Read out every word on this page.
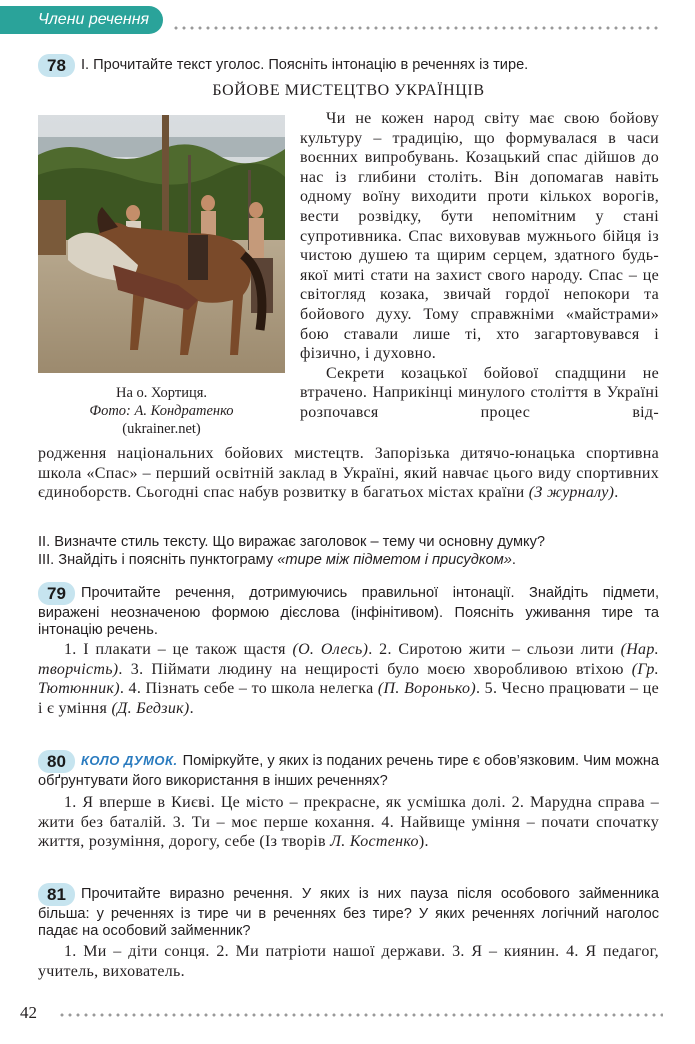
Члени речення
78 І. Прочитайте текст уголос. Поясніть інтонацію в реченнях із тире.
БОЙОВЕ МИСТЕЦТВО УКРАЇНЦІВ
На о. Хортиця.
Фото: А. Кондратенко
(ukrainer.net)

Чи не кожен народ світу має свою бойову культуру – традицію, що формувалася в часи воєнних випробувань. Козацький спас дійшов до нас із глибини століть. Він допомагав навіть одному воїну виходити проти кількох ворогів, вести розвідку, бути непомітним у стані супротивника. Спас виховував мужнього бійця із чистою душею та щирим серцем, здатного будь-якої миті стати на захист свого народу. Спас – це світогляд козака, звичай гордої непокори та бойового духу. Тому справжніми «майстрами» бою ставали лише ті, хто загартовувався і фізично, і духовно.

Секрети козацької бойової спадщини не втрачено. Наприкінці минулого століття в Україні розпочався процес від-

родження національних бойових мистецтв. Запорізька дитячо-юнацька спортивна школа «Спас» – перший освітній заклад в Україні, який навчає цього виду спортивних єдиноборств. Сьогодні спас набув розвитку в багатьох містах країни (З журналу).
ІІ. Визначте стиль тексту. Що виражає заголовок – тему чи основну думку?
ІІІ. Знайдіть і поясніть пунктограму «тире між підметом і присудком».
79 Прочитайте речення, дотримуючись правильної інтонації. Знайдіть підмети, виражені неозначеною формою дієслова (інфінітивом). Поясніть уживання тире та інтонацію речень.
1. І плакати – це також щастя (О. Олесь). 2. Сиротою жити – сльози лити (Нар. творчість). 3. Піймати людину на нещирості було моєю хворобливою втіхою (Гр. Тютюнник). 4. Пізнать себе – то школа нелегка (П. Воронько). 5. Чесно працювати – це і є уміння (Д. Бедзик).
80 КОЛО ДУМОК. Поміркуйте, у яких із поданих речень тире є обов’язковим. Чим можна обґрунтувати його використання в інших реченнях?
1. Я вперше в Києві. Це місто – прекрасне, як усмішка долі. 2. Марудна справа – жити без баталій. 3. Ти – моє перше кохання. 4. Найвище уміння – почати спочатку життя, розуміння, дорогу, себе (Із творів Л. Костенко).
81 Прочитайте виразно речення. У яких із них пауза після особового займенника більша: у реченнях із тире чи в реченнях без тире? У яких реченнях логічний наголос падає на особовий займенник?
1. Ми – діти сонця. 2. Ми патріоти нашої держави. 3. Я – киянин. 4. Я педагог, учитель, вихователь.
42
